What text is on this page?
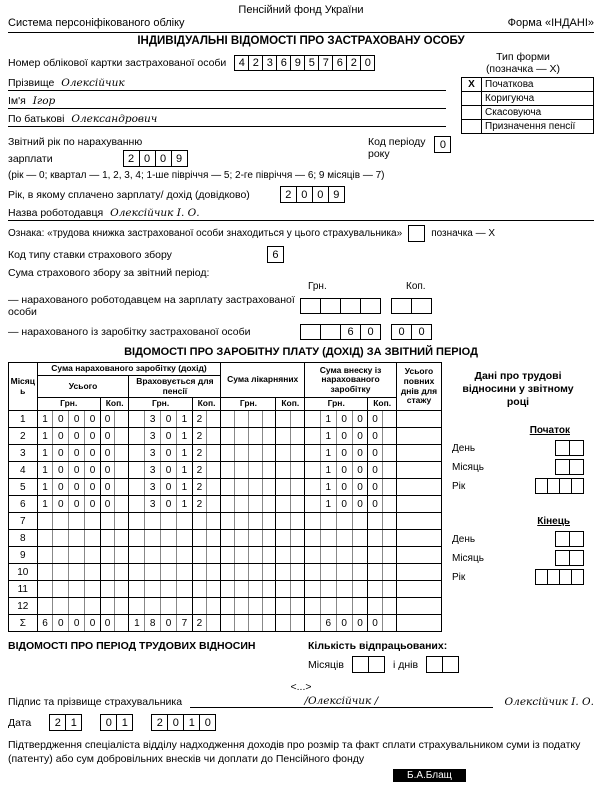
Пенсійний фонд України
Система персоніфікованого обліку	Форма «ІНДАНІ»
ІНДИВІДУАЛЬНІ ВІДОМОСТІ ПРО ЗАСТРАХОВАНУ ОСОБУ
Номер облікової картки застрахованої особи	4 2 3 6 9 5 7 6 2 0
Прізвище Олексійчик
Ім'я Ігор
По батькові Олександрович
Тип форми
(позначка — X)
X	Початкова
	Коригуюча
	Скасовуюча
	Призначення пенсії
Звітний рік по нарахуванню
зарплати	2 0 0 9
Код періоду
року
0
(рік — 0; квартал — 1, 2, 3, 4; 1-ше півріччя — 5; 2-ге півріччя — 6; 9 місяців — 7)
Рік, в якому сплачено зарплату/ дохід (довідково)	2 0 0 9
Назва роботодавця Олексійчик І. О.
Ознака: «трудова книжка застрахованої особи знаходиться у цього страхувальника»	позначка — X
Код типу ставки страхового збору	6
Сума страхового збору за звітний період:
Грн.	Коп.
— нарахованого роботодавцем на зарплату застрахованої особи
— нарахованого із заробітку застрахованої особи	6	0	0	0
ВІДОМОСТІ ПРО ЗАРОБІТНУ ПЛАТУ (ДОХІД) ЗА ЗВІТНИЙ ПЕРІОД
Місяць	Сума нарахованого заробітку (дохід)				Сума лікарняних		Сума внеску із нарахованого заробітку		Усього повних днів для стажу
	Усього		Враховується для пенсії						
	Грн.	Коп.	Грн.	Коп.	Грн.	Коп.	Грн.	Коп.	
1	1 0 0 0	0	3 0 1	2			1 0 0	0	

2	1 0 0 0	0	3 0 1	2			1 0 0	0	

3	1 0 0 0	0	3 0 1	2			1 0 0	0	

4	1 0 0 0	0	3 0 1	2			1 0 0	0	

5	1 0 0 0	0	3 0 1	2			1 0 0	0	

6	1 0 0 0	0	3 0 1	2			1 0 0	0	

7	

8	

9	

10	

11	

12	

Σ	6 0 0 0	0	1 8 0 7	2			6 0 0	0	

Дані про трудові відносини у звітному році
Початок
День
Місяць
Рік
Кінець
День
Місяць
Рік
ВІДОМОСТІ ПРО ПЕРІОД ТРУДОВИХ ВІДНОСИН	Кількість відпрацьованих:
Місяців	і днів
<...>
Підпис та прізвище страхувальника	/Олексійчик /	Олексійчик І. О.
Дата	2 1	0 1	2 0 1 0
Підтвердження спеціаліста відділу надходження доходів про розмір та факт сплати страхувальником суми із податку (патенту) або сум добровільних внесків чи доплати до Пенсійного фонду
Б.А.Блащ
